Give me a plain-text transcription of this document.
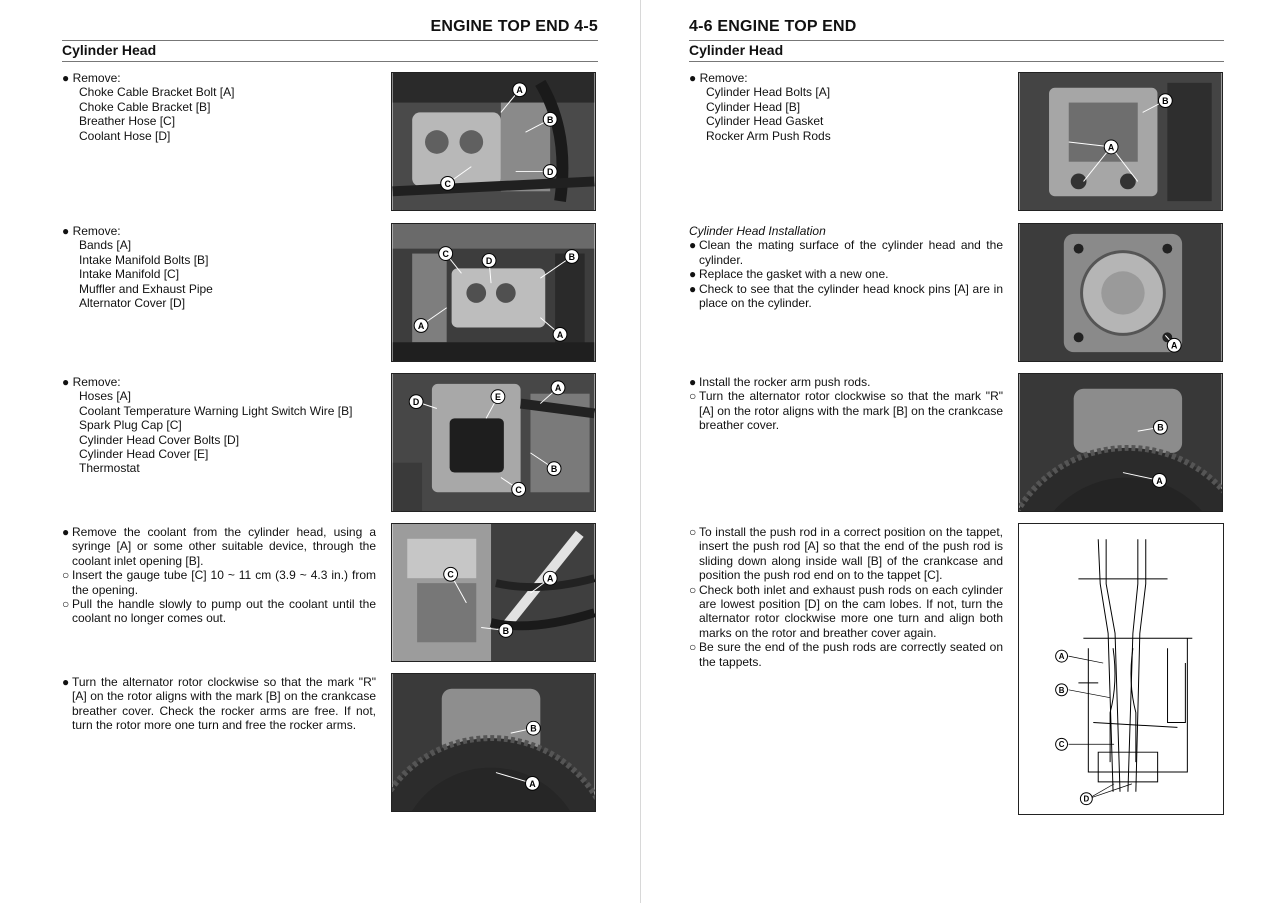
ENGINE TOP END 4-5
Cylinder Head
● Remove:
Choke Cable Bracket Bolt [A]
Choke Cable Bracket [B]
Breather Hose [C]
Coolant Hose [D]
A
B
C
D
● Remove:
Bands [A]
Intake Manifold Bolts [B]
Intake Manifold [C]
Muffler and Exhaust Pipe
Alternator Cover [D]
C
D	B
A
A
● Remove:
Hoses [A]
Coolant Temperature Warning Light Switch Wire [B]
Spark Plug Cap [C]
Cylinder Head Cover Bolts [D]
Cylinder Head Cover [E]
Thermostat
D	E
A
B
C
● Remove the coolant from the cylinder head, using a syringe [A] or some other suitable device, through the coolant inlet opening [B].
○ Insert the gauge tube [C] 10 ~ 11 cm (3.9 ~ 4.3 in.) from the opening.
○ Pull the handle slowly to pump out the coolant until the coolant no longer comes out.
C	A
B
● Turn the alternator rotor clockwise so that the mark "R" [A] on the rotor aligns with the mark [B] on the crankcase breather cover. Check the rocker arms are free. If not, turn the rotor more one turn and free the rocker arms.	B
A
4-6 ENGINE TOP END
Cylinder Head
● Remove:
Cylinder Head Bolts [A]
Cylinder Head [B]
Cylinder Head Gasket
Rocker Arm Push Rods
B
A
Cylinder Head Installation
● Clean the mating surface of the cylinder head and the cylinder.
● Replace the gasket with a new one.
● Check to see that the cylinder head knock pins [A] are in place on the cylinder.
A
● Install the rocker arm push rods.
○ Turn the alternator rotor clockwise so that the mark "R" [A] on the rotor aligns with the mark [B] on the crankcase breather cover.	B
A
○ To install the push rod in a correct position on the tappet, insert the push rod [A] so that the end of the push rod is sliding down along inside wall [B] of the crankcase and position the push rod end on to the tappet [C].
○ Check both inlet and exhaust push rods on each cylinder are lowest position [D] on the cam lobes. If not, turn the alternator rotor clockwise more one turn and align both marks on the rotor and breather cover again.
○ Be sure the end of the push rods are correctly seated on the tappets.	A
B
C
D
